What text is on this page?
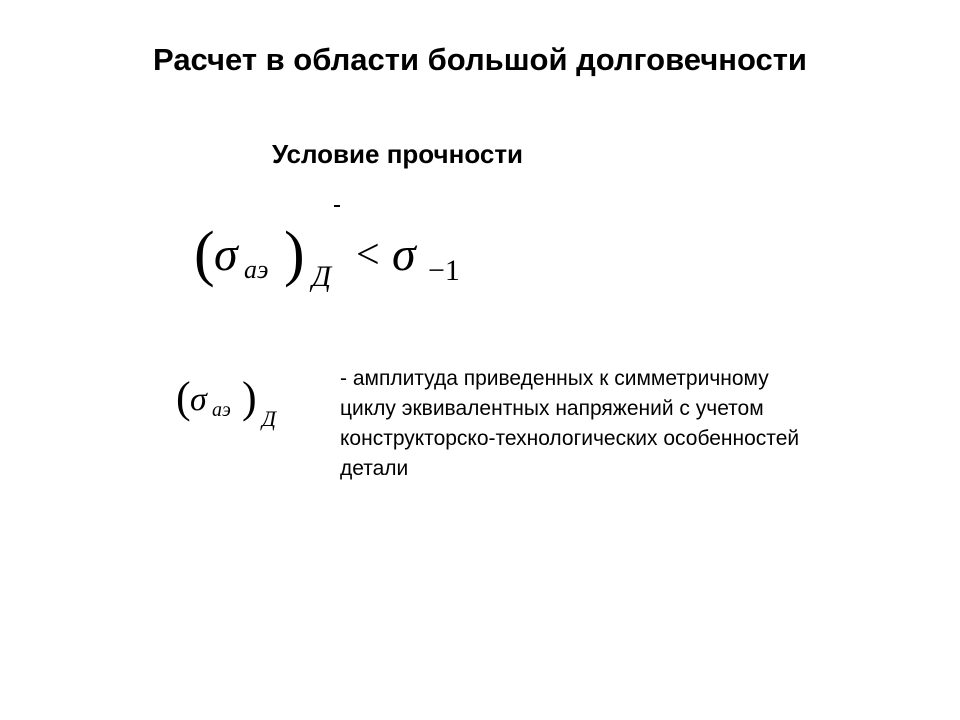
Расчет в области большой долговечности
Условие прочности
( σ аэ ) Д < σ −1
( σ аэ ) Д
- амплитуда приведенных к симметричному
циклу эквивалентных напряжений с учетом
конструкторско-технологических особенностей
детали
